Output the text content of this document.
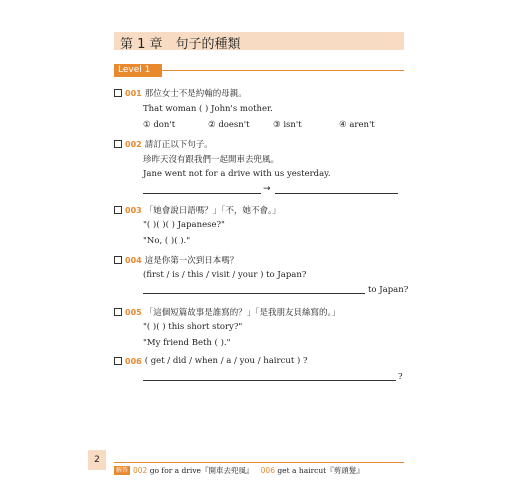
第 1 章　句子的種類
Level 1
001 那位女士不是約翰的母親。
That woman ( ) John's mother.
① don't	② doesn't	③ isn't	④ aren't
002 請訂正以下句子。
珍昨天沒有跟我們一起開車去兜風。
Jane went not for a drive with us yesterday.
→
003 「她會說日語嗎？」「不，她不會。」
"( )( )( ) Japanese?"
"No, ( )( )."
004 這是你第一次到日本嗎？
(first / is / this / visit / your ) to Japan?
to Japan?
005 「這個短篇故事是誰寫的？」「是我朋友貝絲寫的。」
"( )( ) this short story?"
"My friend Beth ( )."
006 ( get / did / when / a / you / haircut ) ?
?
解答 002 go for a drive『開車去兜風』 006 get a haircut『剪頭髮』
2
